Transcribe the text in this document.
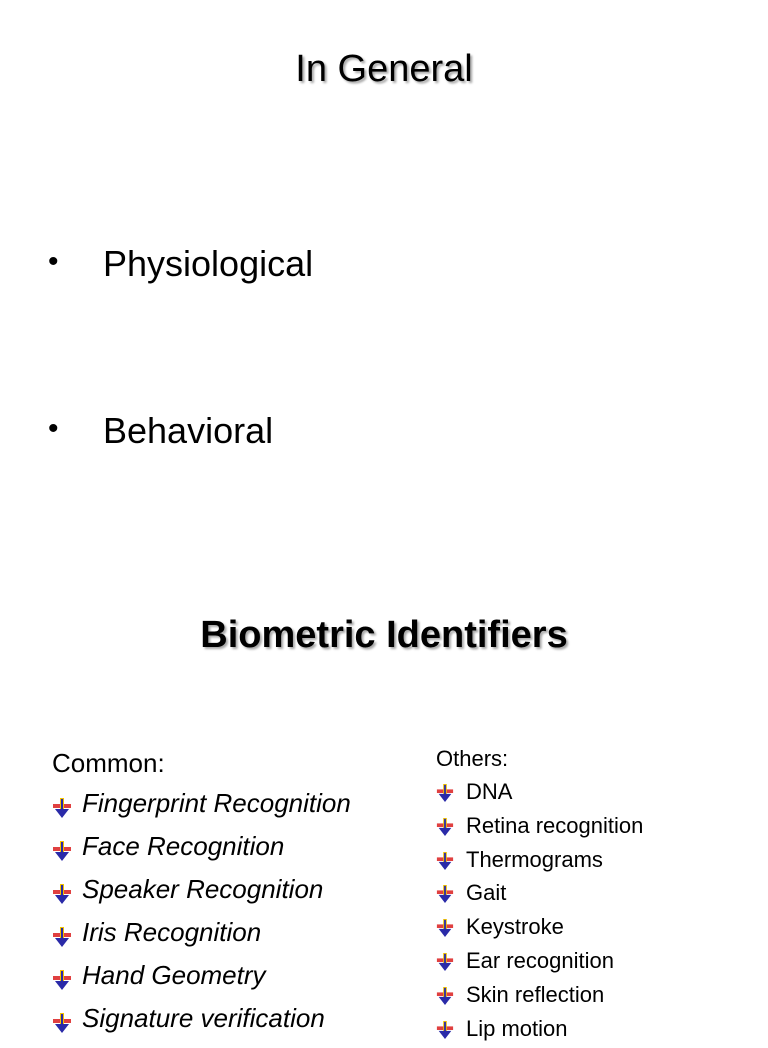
In General
•	Physiological
•	Behavioral
Biometric Identifiers
Common:
Fingerprint Recognition
Face Recognition
Speaker Recognition
Iris Recognition
Hand Geometry
Signature verification
Others:
DNA
Retina recognition
Thermograms
Gait
Keystroke
Ear recognition
Skin reflection
Lip motion
